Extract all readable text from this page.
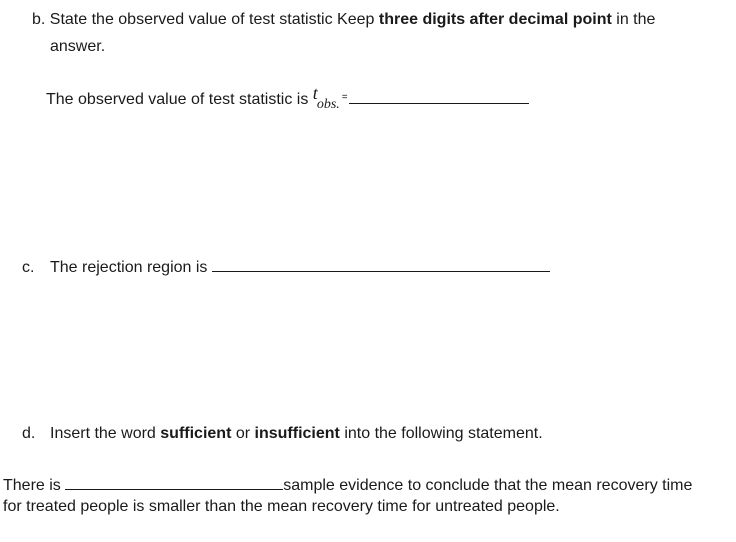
b. State the observed value of test statistic Keep three digits after decimal point in the
answer.
The observed value of test statistic is tobs. =
c. The rejection region is
d. Insert the word sufficient or insufficient into the following statement.
There is	sample evidence to conclude that the mean recovery time
for treated people is smaller than the mean recovery time for untreated people.
